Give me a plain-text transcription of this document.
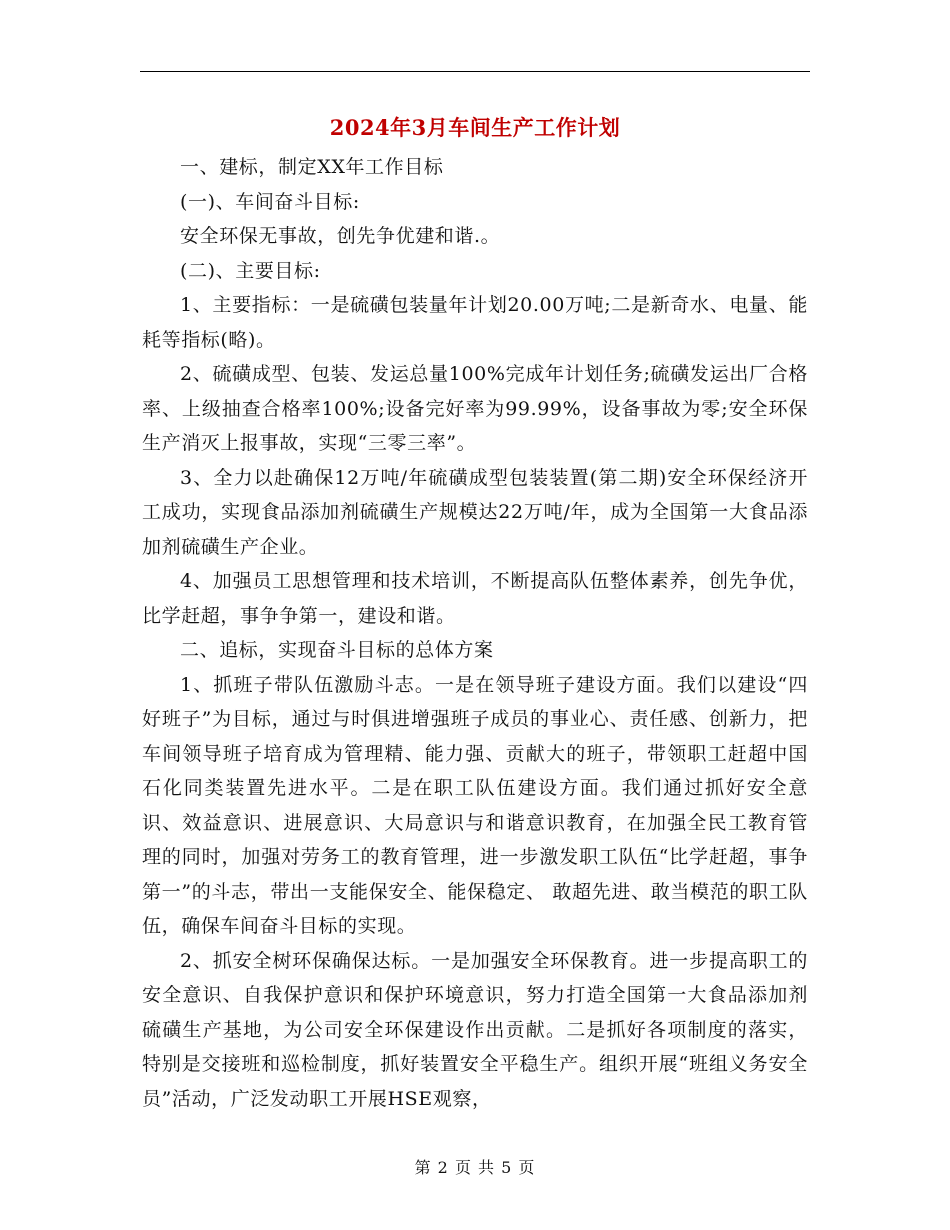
2024年3月车间生产工作计划

一、建标，制定XX年工作目标

(一)、车间奋斗目标:

安全环保无事故，创先争优建和谐.。

(二)、主要目标:

1、主要指标：一是硫磺包装量年计划20.00万吨;二是新奇水、电量、能耗等指标(略)。

2、硫磺成型、包装、发运总量100%完成年计划任务;硫磺发运出厂合格率、上级抽查合格率100%;设备完好率为99.99%，设备事故为零;安全环保生产消灭上报事故，实现“三零三率”。

3、全力以赴确保12万吨/年硫磺成型包装装置(第二期)安全环保经济开工成功，实现食品添加剂硫磺生产规模达22万吨/年，成为全国第一大食品添加剂硫磺生产企业。

4、加强员工思想管理和技术培训，不断提高队伍整体素养，创先争优，比学赶超，事争争第一，建设和谐。

二、追标，实现奋斗目标的总体方案

1、抓班子带队伍激励斗志。一是在领导班子建设方面。我们以建设“四好班子”为目标，通过与时俱进增强班子成员的事业心、责任感、创新力，把车间领导班子培育成为管理精、能力强、贡献大的班子，带领职工赶超中国石化同类装置先进水平。二是在职工队伍建设方面。我们通过抓好安全意识、效益意识、进展意识、大局意识与和谐意识教育，在加强全民工教育管理的同时，加强对劳务工的教育管理，进一步激发职工队伍“比学赶超，事争第一”的斗志，带出一支能保安全、能保稳定、 敢超先进、敢当模范的职工队伍，确保车间奋斗目标的实现。

2、抓安全树环保确保达标。一是加强安全环保教育。进一步提高职工的安全意识、自我保护意识和保护环境意识，努力打造全国第一大食品添加剂硫磺生产基地，为公司安全环保建设作出贡献。二是抓好各项制度的落实，特别是交接班和巡检制度，抓好装置安全平稳生产。组织开展“班组义务安全员”活动，广泛发动职工开展HSE观察，

第 2 页 共 5 页
